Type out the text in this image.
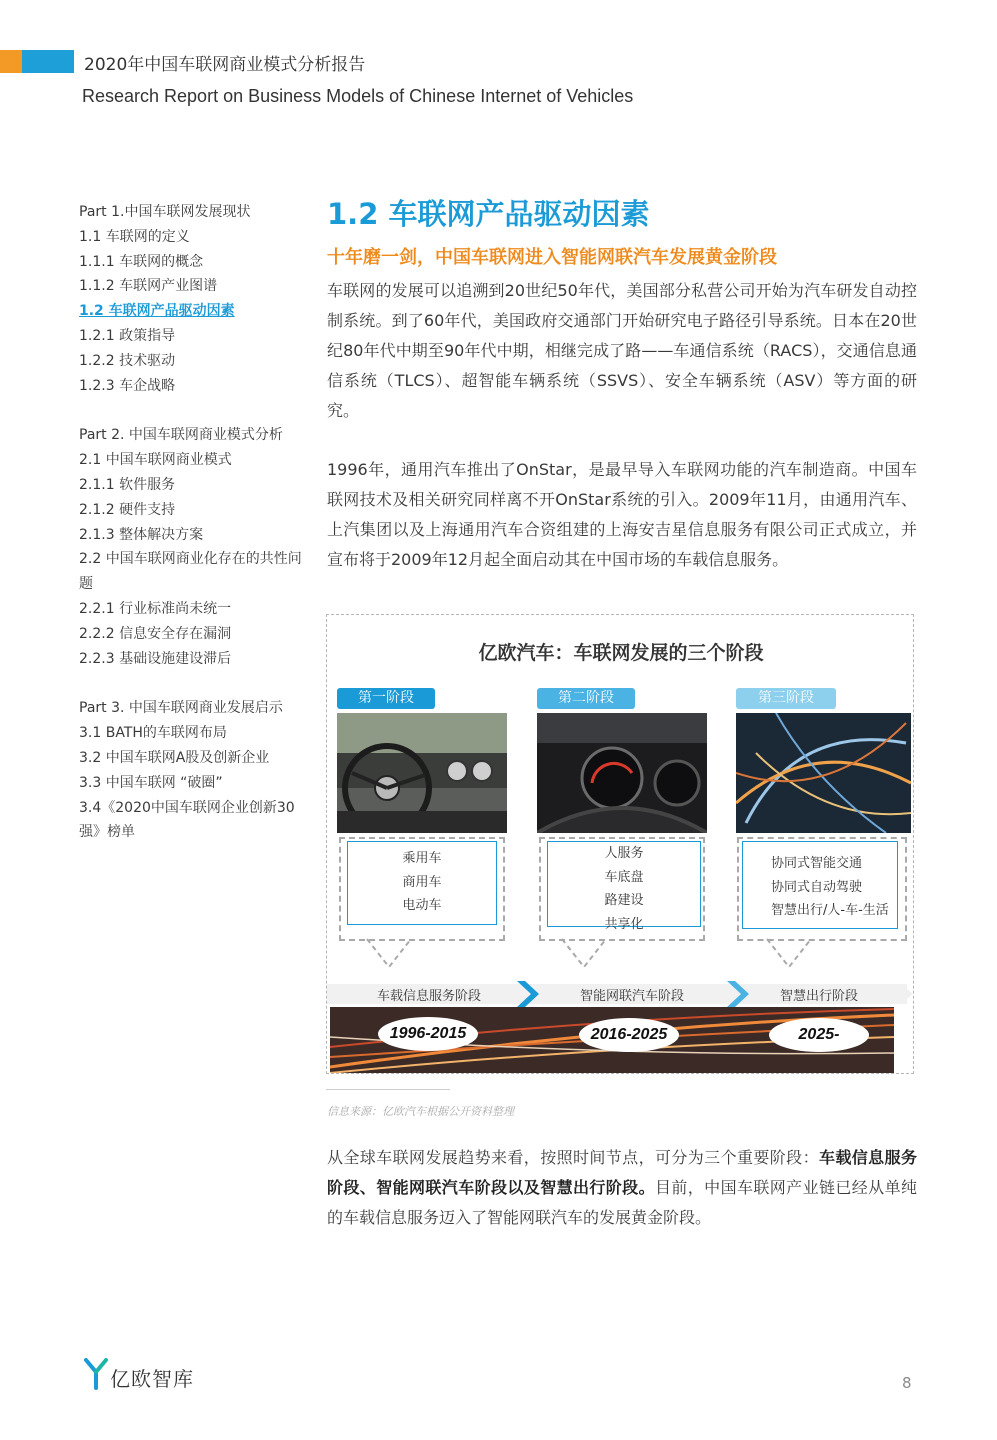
2020年中国车联网商业模式分析报告
Research Report on Business Models of Chinese Internet of Vehicles
Part 1.中国车联网发展现状
1.1 车联网的定义
1.1.1 车联网的概念
1.1.2 车联网产业图谱
1.2 车联网产品驱动因素
1.2.1 政策指导
1.2.2 技术驱动
1.2.3 车企战略
Part 2. 中国车联网商业模式分析
2.1 中国车联网商业模式
2.1.1 软件服务
2.1.2 硬件支持
2.1.3 整体解决方案
2.2 中国车联网商业化存在的共性问题
2.2.1 行业标准尚未统一
2.2.2 信息安全存在漏洞
2.2.3 基础设施建设滞后
Part 3. 中国车联网商业发展启示
3.1 BATH的车联网布局
3.2 中国车联网A股及创新企业
3.3 中国车联网 “破圈”
3.4《2020中国车联网企业创新30强》榜单
1.2 车联网产品驱动因素
十年磨一剑，中国车联网进入智能网联汽车发展黄金阶段
车联网的发展可以追溯到20世纪50年代，美国部分私营公司开始为汽车研发自动控制系统。到了60年代，美国政府交通部门开始研究电子路径引导系统。日本在20世纪80年代中期至90年代中期，相继完成了路——车通信系统（RACS），交通信息通信系统（TLCS）、超智能车辆系统（SSVS）、安全车辆系统（ASV）等方面的研究。
1996年，通用汽车推出了OnStar，是最早导入车联网功能的汽车制造商。中国车联网技术及相关研究同样离不开OnStar系统的引入。2009年11月，由通用汽车、上汽集团以及上海通用汽车合资组建的上海安吉星信息服务有限公司正式成立，并宣布将于2009年12月起全面启动其在中国市场的车载信息服务。
亿欧汽车：车联网发展的三个阶段
第一阶段
乘用车
商用车
电动车
第二阶段
人服务
车底盘
路建设
共享化
第三阶段
协同式智能交通
协同式自动驾驶
智慧出行/人-车-生活
车载信息服务阶段	智能网联汽车阶段	智慧出行阶段
1996-2015	2016-2025	2025-
信息来源：亿欧汽车根据公开资料整理
从全球车联网发展趋势来看，按照时间节点，可分为三个重要阶段：车载信息服务阶段、智能网联汽车阶段以及智慧出行阶段。目前，中国车联网产业链已经从单纯的车载信息服务迈入了智能网联汽车的发展黄金阶段。
亿欧智库	8
